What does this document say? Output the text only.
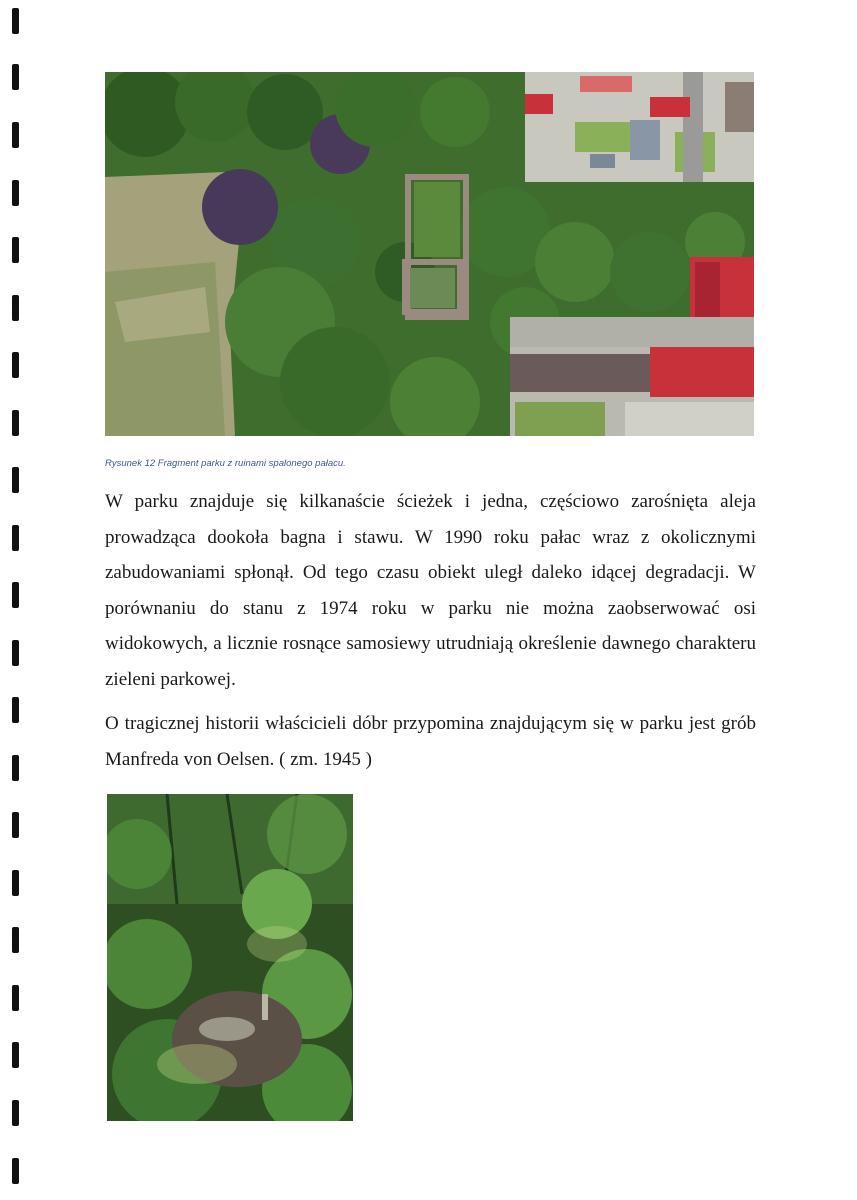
Rysunek 12 Fragment parku z ruinami spalonego pałacu.

W parku znajduje się kilkanaście ścieżek i jedna, częściowo zarośnięta aleja prowadząca dookoła bagna i stawu. W 1990 roku pałac wraz z okolicznymi zabudowaniami spłonął. Od tego czasu obiekt uległ daleko idącej degradacji. W porównaniu do stanu z 1974 roku w parku nie można zaobserwować osi widokowych, a licznie rosnące samosiewy utrudniają określenie dawnego charakteru zieleni parkowej.

O tragicznej historii właścicieli dóbr przypomina znajdującym się w parku jest grób Manfreda von Oelsen. ( zm. 1945 )
